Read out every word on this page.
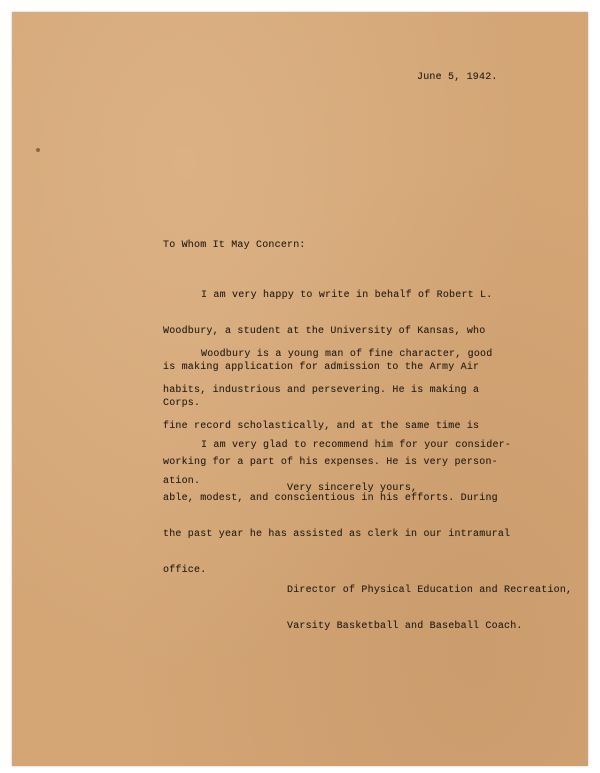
June 5, 1942.
To Whom It May Concern:

I am very happy to write in behalf of Robert L.

Woodbury, a student at the University of Kansas, who

is making application for admission to the Army Air

Corps.

Woodbury is a young man of fine character, good

habits, industrious and persevering. He is making a

fine record scholastically, and at the same time is

working for a part of his expenses. He is very person-

able, modest, and conscientious in his efforts. During

the past year he has assisted as clerk in our intramural

office.

I am very glad to recommend him for your consider-

ation.

Very sincerely yours,

Director of Physical Education and Recreation,

Varsity Basketball and Baseball Coach.
